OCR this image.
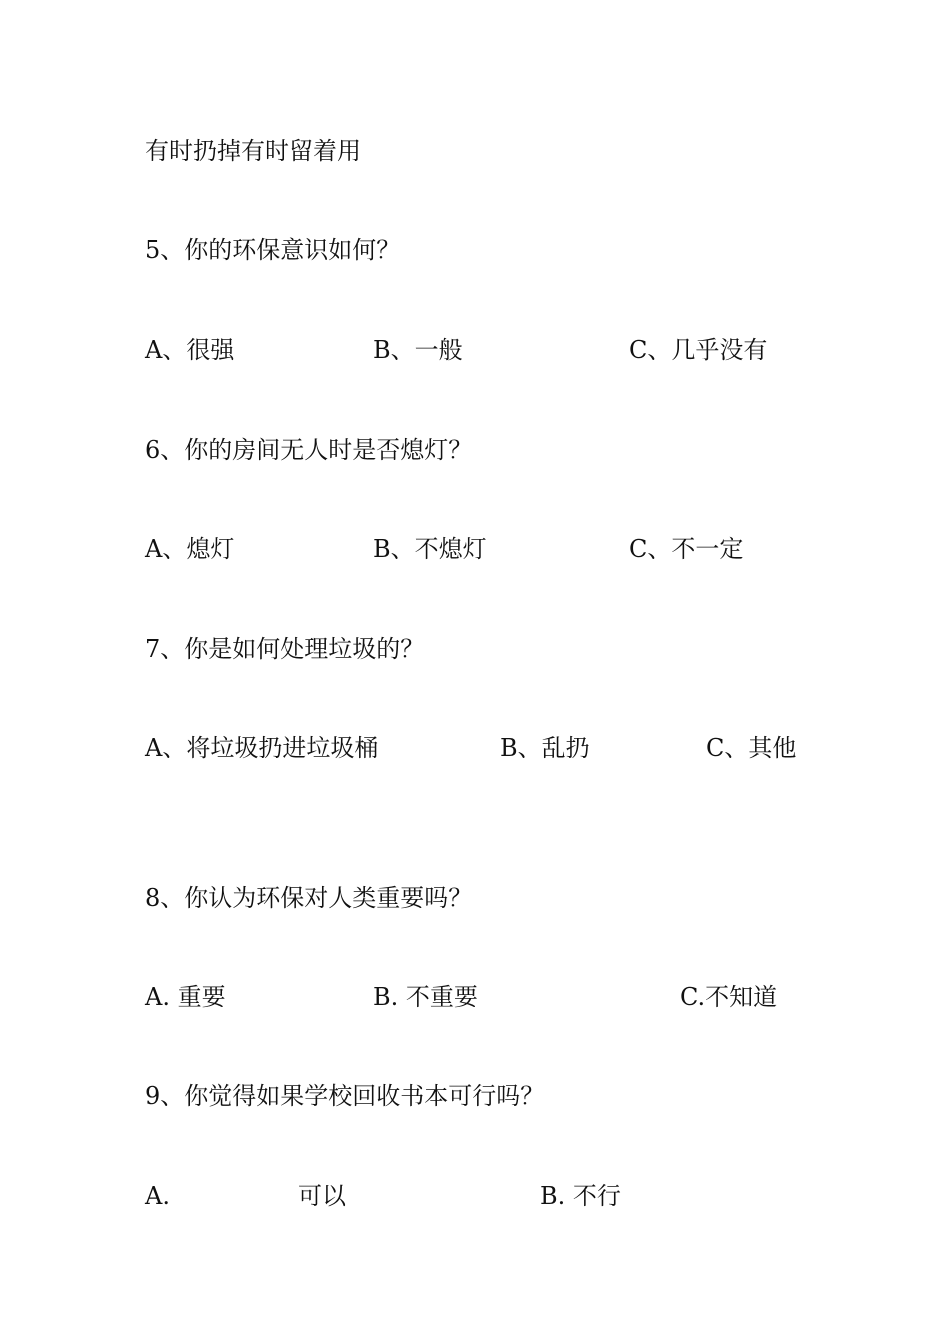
有时扔掉有时留着用
5、你的环保意识如何？
A、很强	B、一般	C、几乎没有
6、你的房间无人时是否熄灯？
A、熄灯	B、不熄灯	C、不一定
7、你是如何处理垃圾的？
A、将垃圾扔进垃圾桶	B、乱扔	C、其他
8、你认为环保对人类重要吗？
A. 重要	B. 不重要	C.不知道
9、你觉得如果学校回收书本可行吗？
A.	可以	B. 不行
